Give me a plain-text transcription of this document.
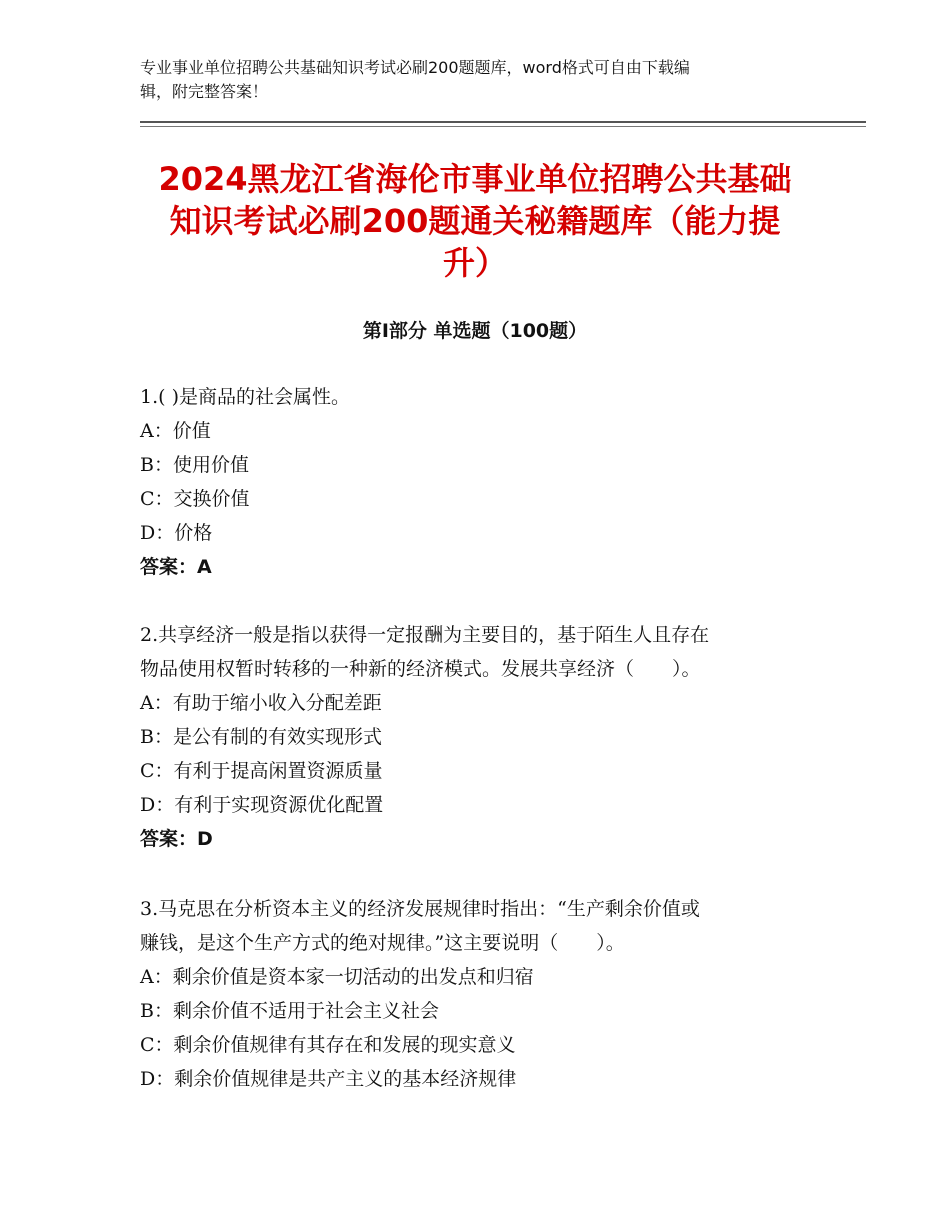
专业事业单位招聘公共基础知识考试必刷200题题库，word格式可自由下载编
辑，附完整答案！
2024黑龙江省海伦市事业单位招聘公共基础
知识考试必刷200题通关秘籍题库（能力提
升）
第Ⅰ部分 单选题（100题）
1.( )是商品的社会属性。
A：价值
B：使用价值
C：交换价值
D：价格
答案：A
2.共享经济一般是指以获得一定报酬为主要目的，基于陌生人且存在
物品使用权暂时转移的一种新的经济模式。发展共享经济（　　）。
A：有助于缩小收入分配差距
B：是公有制的有效实现形式
C：有利于提高闲置资源质量
D：有利于实现资源优化配置
答案：D
3.马克思在分析资本主义的经济发展规律时指出：“生产剩余价值或
赚钱，是这个生产方式的绝对规律。”这主要说明（　　）。
A：剩余价值是资本家一切活动的出发点和归宿
B：剩余价值不适用于社会主义社会
C：剩余价值规律有其存在和发展的现实意义
D：剩余价值规律是共产主义的基本经济规律
